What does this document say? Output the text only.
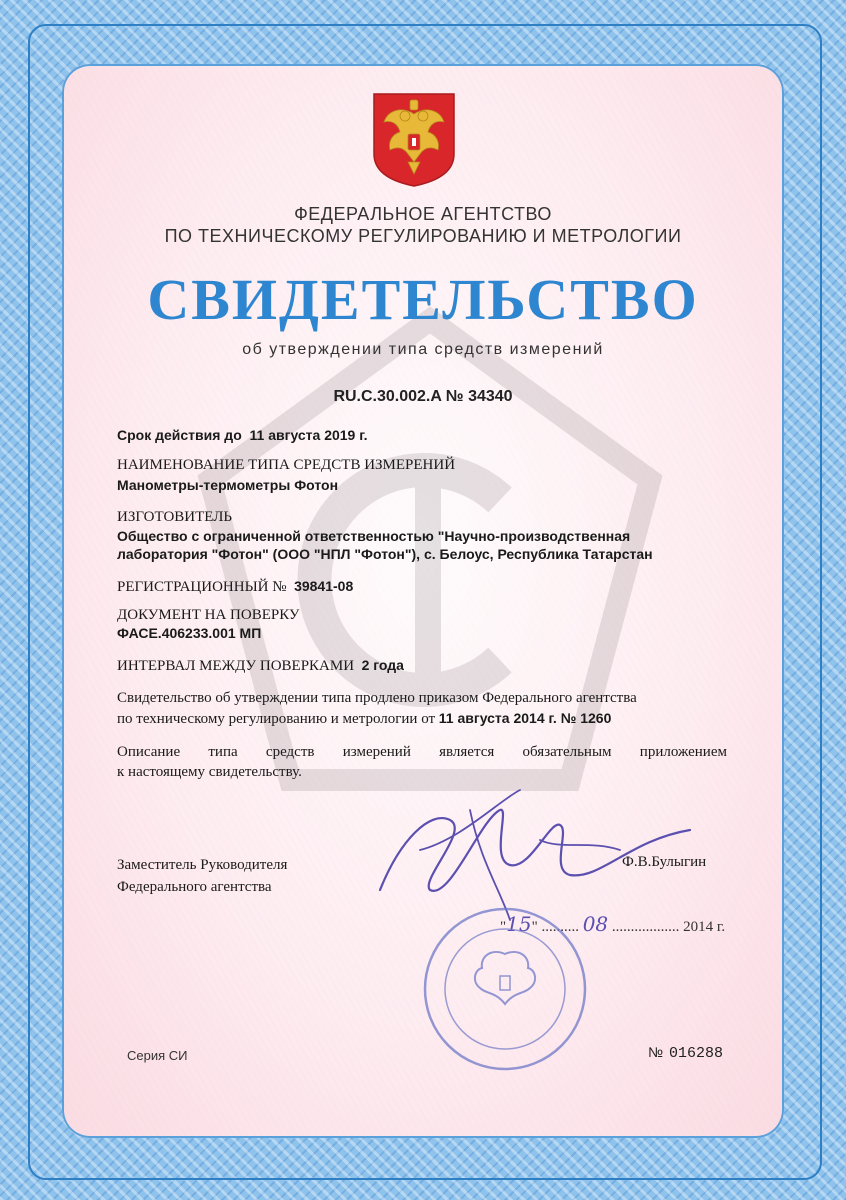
ФЕДЕРАЛЬНОЕ АГЕНТСТВО
ПО ТЕХНИЧЕСКОМУ РЕГУЛИРОВАНИЮ И МЕТРОЛОГИИ
СВИДЕТЕЛЬСТВО
об утверждении типа средств измерений
RU.C.30.002.A № 34340
Срок действия до 11 августа 2019 г.
НАИМЕНОВАНИЕ ТИПА СРЕДСТВ ИЗМЕРЕНИЙ
Манометры-термометры Фотон
ИЗГОТОВИТЕЛЬ
Общество с ограниченной ответственностью "Научно-производственная
лаборатория "Фотон" (ООО "НПЛ "Фотон"), с. Белоус, Республика Татарстан
РЕГИСТРАЦИОННЫЙ № 39841-08
ДОКУМЕНТ НА ПОВЕРКУ
ФАСЕ.406233.001 МП
ИНТЕРВАЛ МЕЖДУ ПОВЕРКАМИ 2 года
Свидетельство об утверждении типа продлено приказом Федерального агентства
по техническому регулированию и метрологии от 11 августа 2014 г. № 1260
Описание типа средств измерений является обязательным приложением
к настоящему свидетельству.
Заместитель Руководителя
Федерального агентства
Ф.В.Булыгин
"15" .......... 08 .................. 2014 г.
Серия СИ	№ 016288
